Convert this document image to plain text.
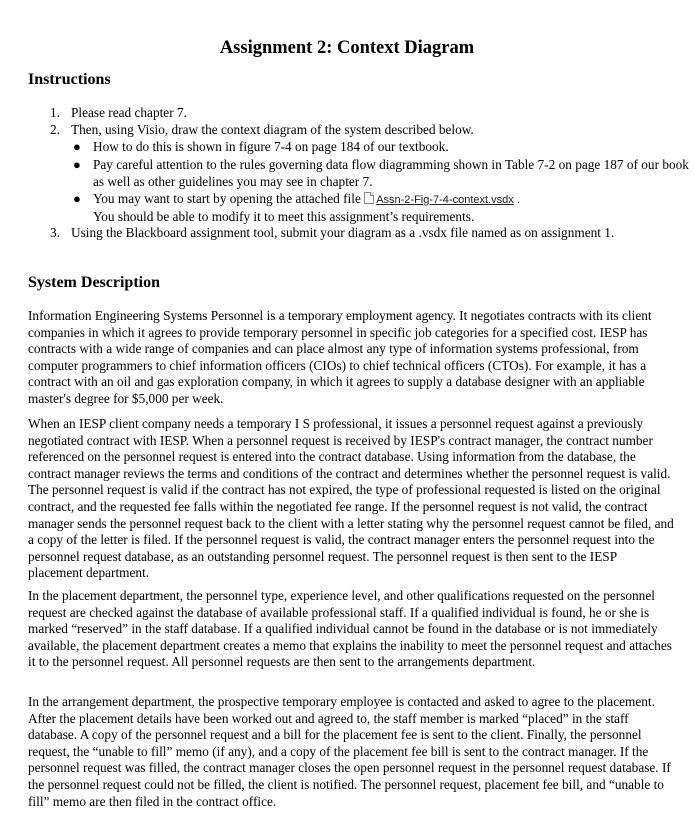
Assignment 2: Context Diagram
Instructions
1. Please read chapter 7.
2. Then, using Visio, draw the context diagram of the system described below.
● How to do this is shown in figure 7-4 on page 184 of our textbook.
● Pay careful attention to the rules governing data flow diagramming shown in Table 7-2 on page 187 of our book as well as other guidelines you may see in chapter 7.
● You may want to start by opening the attached file Assn-2-Fig-7-4-context.vsdx .
You should be able to modify it to meet this assignment’s requirements.
3. Using the Blackboard assignment tool, submit your diagram as a .vsdx file named as on assignment 1.
System Description
Information Engineering Systems Personnel is a temporary employment agency. It negotiates contracts with its client companies in which it agrees to provide temporary personnel in specific job categories for a specified cost. IESP has contracts with a wide range of companies and can place almost any type of information systems professional, from computer programmers to chief information officers (CIOs) to chief technical officers (CTOs). For example, it has a contract with an oil and gas exploration company, in which it agrees to supply a database designer with an appliable master's degree for $5,000 per week.
When an IESP client company needs a temporary I S professional, it issues a personnel request against a previously negotiated contract with IESP. When a personnel request is received by IESP's contract manager, the contract number referenced on the personnel request is entered into the contract database. Using information from the database, the contract manager reviews the terms and conditions of the contract and determines whether the personnel request is valid. The personnel request is valid if the contract has not expired, the type of professional requested is listed on the original contract, and the requested fee falls within the negotiated fee range. If the personnel request is not valid, the contract manager sends the personnel request back to the client with a letter stating why the personnel request cannot be filed, and a copy of the letter is filed. If the personnel request is valid, the contract manager enters the personnel request into the personnel request database, as an outstanding personnel request. The personnel request is then sent to the IESP placement department.
In the placement department, the personnel type, experience level, and other qualifications requested on the personnel request are checked against the database of available professional staff. If a qualified individual is found, he or she is marked “reserved” in the staff database. If a qualified individual cannot be found in the database or is not immediately available, the placement department creates a memo that explains the inability to meet the personnel request and attaches it to the personnel request. All personnel requests are then sent to the arrangements department.
In the arrangement department, the prospective temporary employee is contacted and asked to agree to the placement. After the placement details have been worked out and agreed to, the staff member is marked “placed” in the staff database. A copy of the personnel request and a bill for the placement fee is sent to the client. Finally, the personnel request, the “unable to fill” memo (if any), and a copy of the placement fee bill is sent to the contract manager. If the personnel request was filled, the contract manager closes the open personnel request in the personnel request database. If the personnel request could not be filled, the client is notified. The personnel request, placement fee bill, and “unable to fill” memo are then filed in the contract office.
